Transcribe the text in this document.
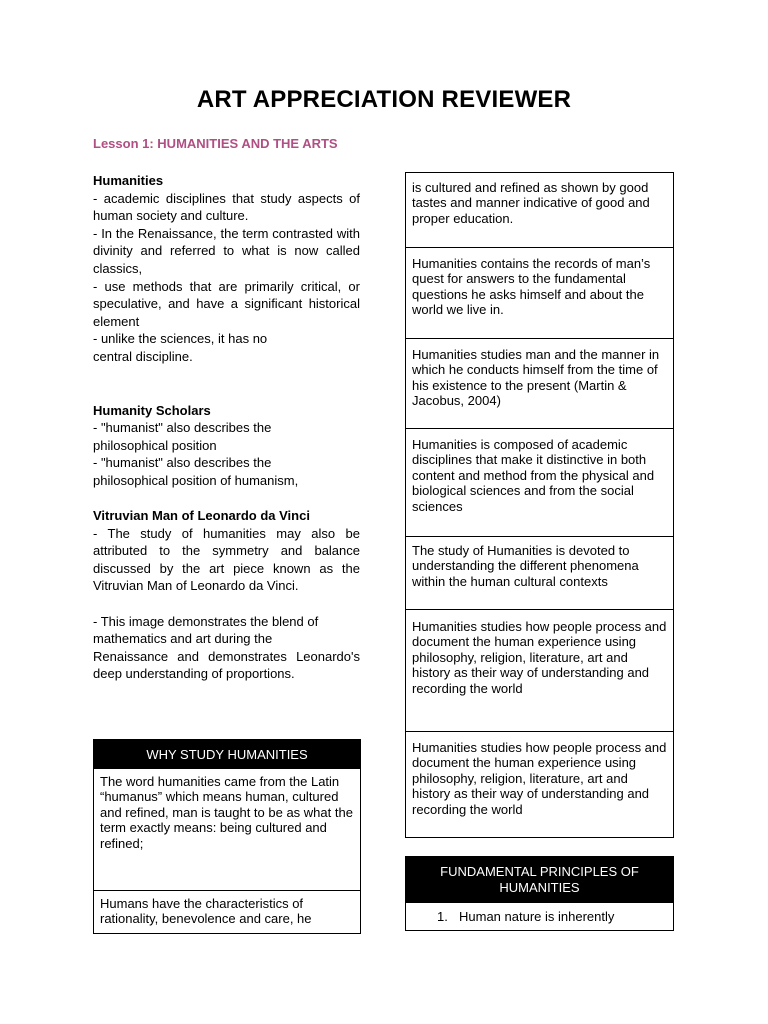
ART APPRECIATION REVIEWER
Lesson 1: HUMANITIES AND THE ARTS

Humanities

- academic disciplines that study aspects of human society and culture.

- In the Renaissance, the term contrasted with divinity and referred to what is now called classics,

- use methods that are primarily critical, or speculative, and have a significant historical element

- unlike the sciences, it has no

central discipline.

Humanity Scholars

- "humanist" also describes the

philosophical position

- "humanist" also describes the

philosophical position of humanism,

Vitruvian Man of Leonardo da Vinci

- The study of humanities may also be attributed to the symmetry and balance discussed by the art piece known as the Vitruvian Man of Leonardo da Vinci.

- This image demonstrates the blend of

mathematics and art during the

Renaissance and demonstrates Leonardo's

deep understanding of proportions.

WHY STUDY HUMANITIES
The word humanities came from the Latin “humanus” which means human, cultured and refined, man is taught to be as what the term exactly means: being cultured and refined;
Humans have the characteristics of rationality, benevolence and care, he
is cultured and refined as shown by good tastes and manner indicative of good and proper education.
Humanities contains the records of man’s quest for answers to the fundamental questions he asks himself and about the world we live in.
Humanities studies man and the manner in which he conducts himself from the time of his existence to the present (Martin & Jacobus, 2004)
Humanities is composed of academic disciplines that make it distinctive in both content and method from the physical and biological sciences and from the social sciences
The study of Humanities is devoted to understanding the different phenomena within the human cultural contexts
Humanities studies how people process and document the human experience using philosophy, religion, literature, art and history as their way of understanding and recording the world
Humanities studies how people process and document the human experience using philosophy, religion, literature, art and history as their way of understanding and recording the world
FUNDAMENTAL PRINCIPLES OF HUMANITIES
1. Human nature is inherently
